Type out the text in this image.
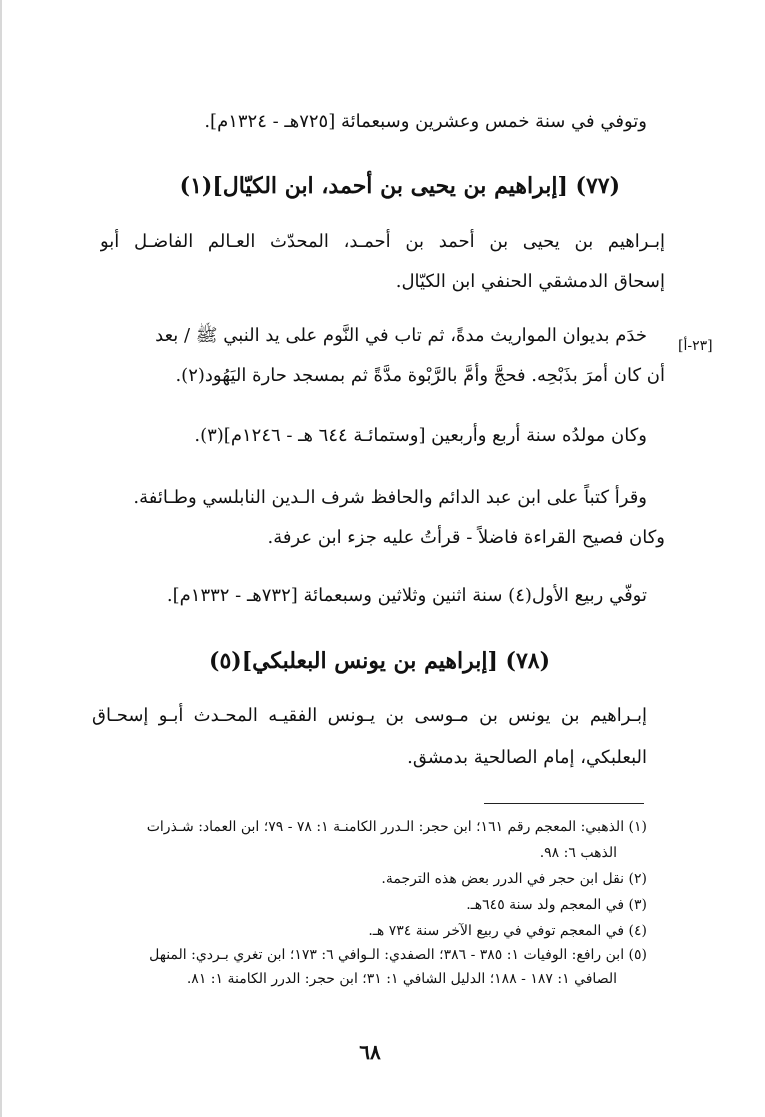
وتوفي في سنة خمس وعشرين وسبعمائة [٧٢٥هـ - ١٣٢٤م].
(٧٧) [إبراهيم بن يحيى بن أحمد، ابن الكيّال](١)
إبـراهيم بن يحيى بن أحمد بن أحمـد، المحدّث العـالم الفاضـل أبو
إسحاق الدمشقي الحنفي ابن الكيّال.
[٢٣-أ]
خدَم بديوان المواريث مدةً، ثم تاب في النَّوم على يد النبي ﷺ / بعد
أن كان أمرَ بذَبْحِه. فحجَّ وأمَّ بالرَّبْوة مدَّةً ثم بمسجد حارة اليَهُود(٢).
وكان مولدُه سنة أربع وأربعين [وستمائـة ٦٤٤ هـ - ١٢٤٦م](٣).
وقرأ كتباً على ابن عبد الدائم والحافظ شرف الـدين النابلسي وطـائفة.
وكان فصيح القراءة فاضلاً - قرأتُ عليه جزء ابن عرفة.
توفّي ربيع الأول(٤) سنة اثنين وثلاثين وسبعمائة [٧٣٢هـ - ١٣٣٢م].
(٧٨) [إبراهيم بن يونس البعلبكي](٥)
إبـراهيم بن يونس بن مـوسى بن يـونس الفقيـه المحـدث أبـو إسحـاق
البعلبكي، إمام الصالحية بدمشق.
(١) الذهبي: المعجم رقم ١٦١؛ ابن حجر: الـدرر الكامنـة ١: ٧٨ - ٧٩؛ ابن العماد: شـذرات
الذهب ٦: ٩٨.
(٢) نقل ابن حجر في الدرر بعض هذه الترجمة.
(٣) في المعجم ولد سنة ٦٤٥هـ.
(٤) في المعجم توفي في ربيع الآخر سنة ٧٣٤ هـ.
(٥) ابن رافع: الوفيات ١: ٣٨٥ - ٣٨٦؛ الصفدي: الـوافي ٦: ١٧٣؛ ابن تغري بـردي: المنهل
الصافي ١: ١٨٧ - ١٨٨؛ الدليل الشافي ١: ٣١؛ ابن حجر: الدرر الكامنة ١: ٨١.
٦٨
